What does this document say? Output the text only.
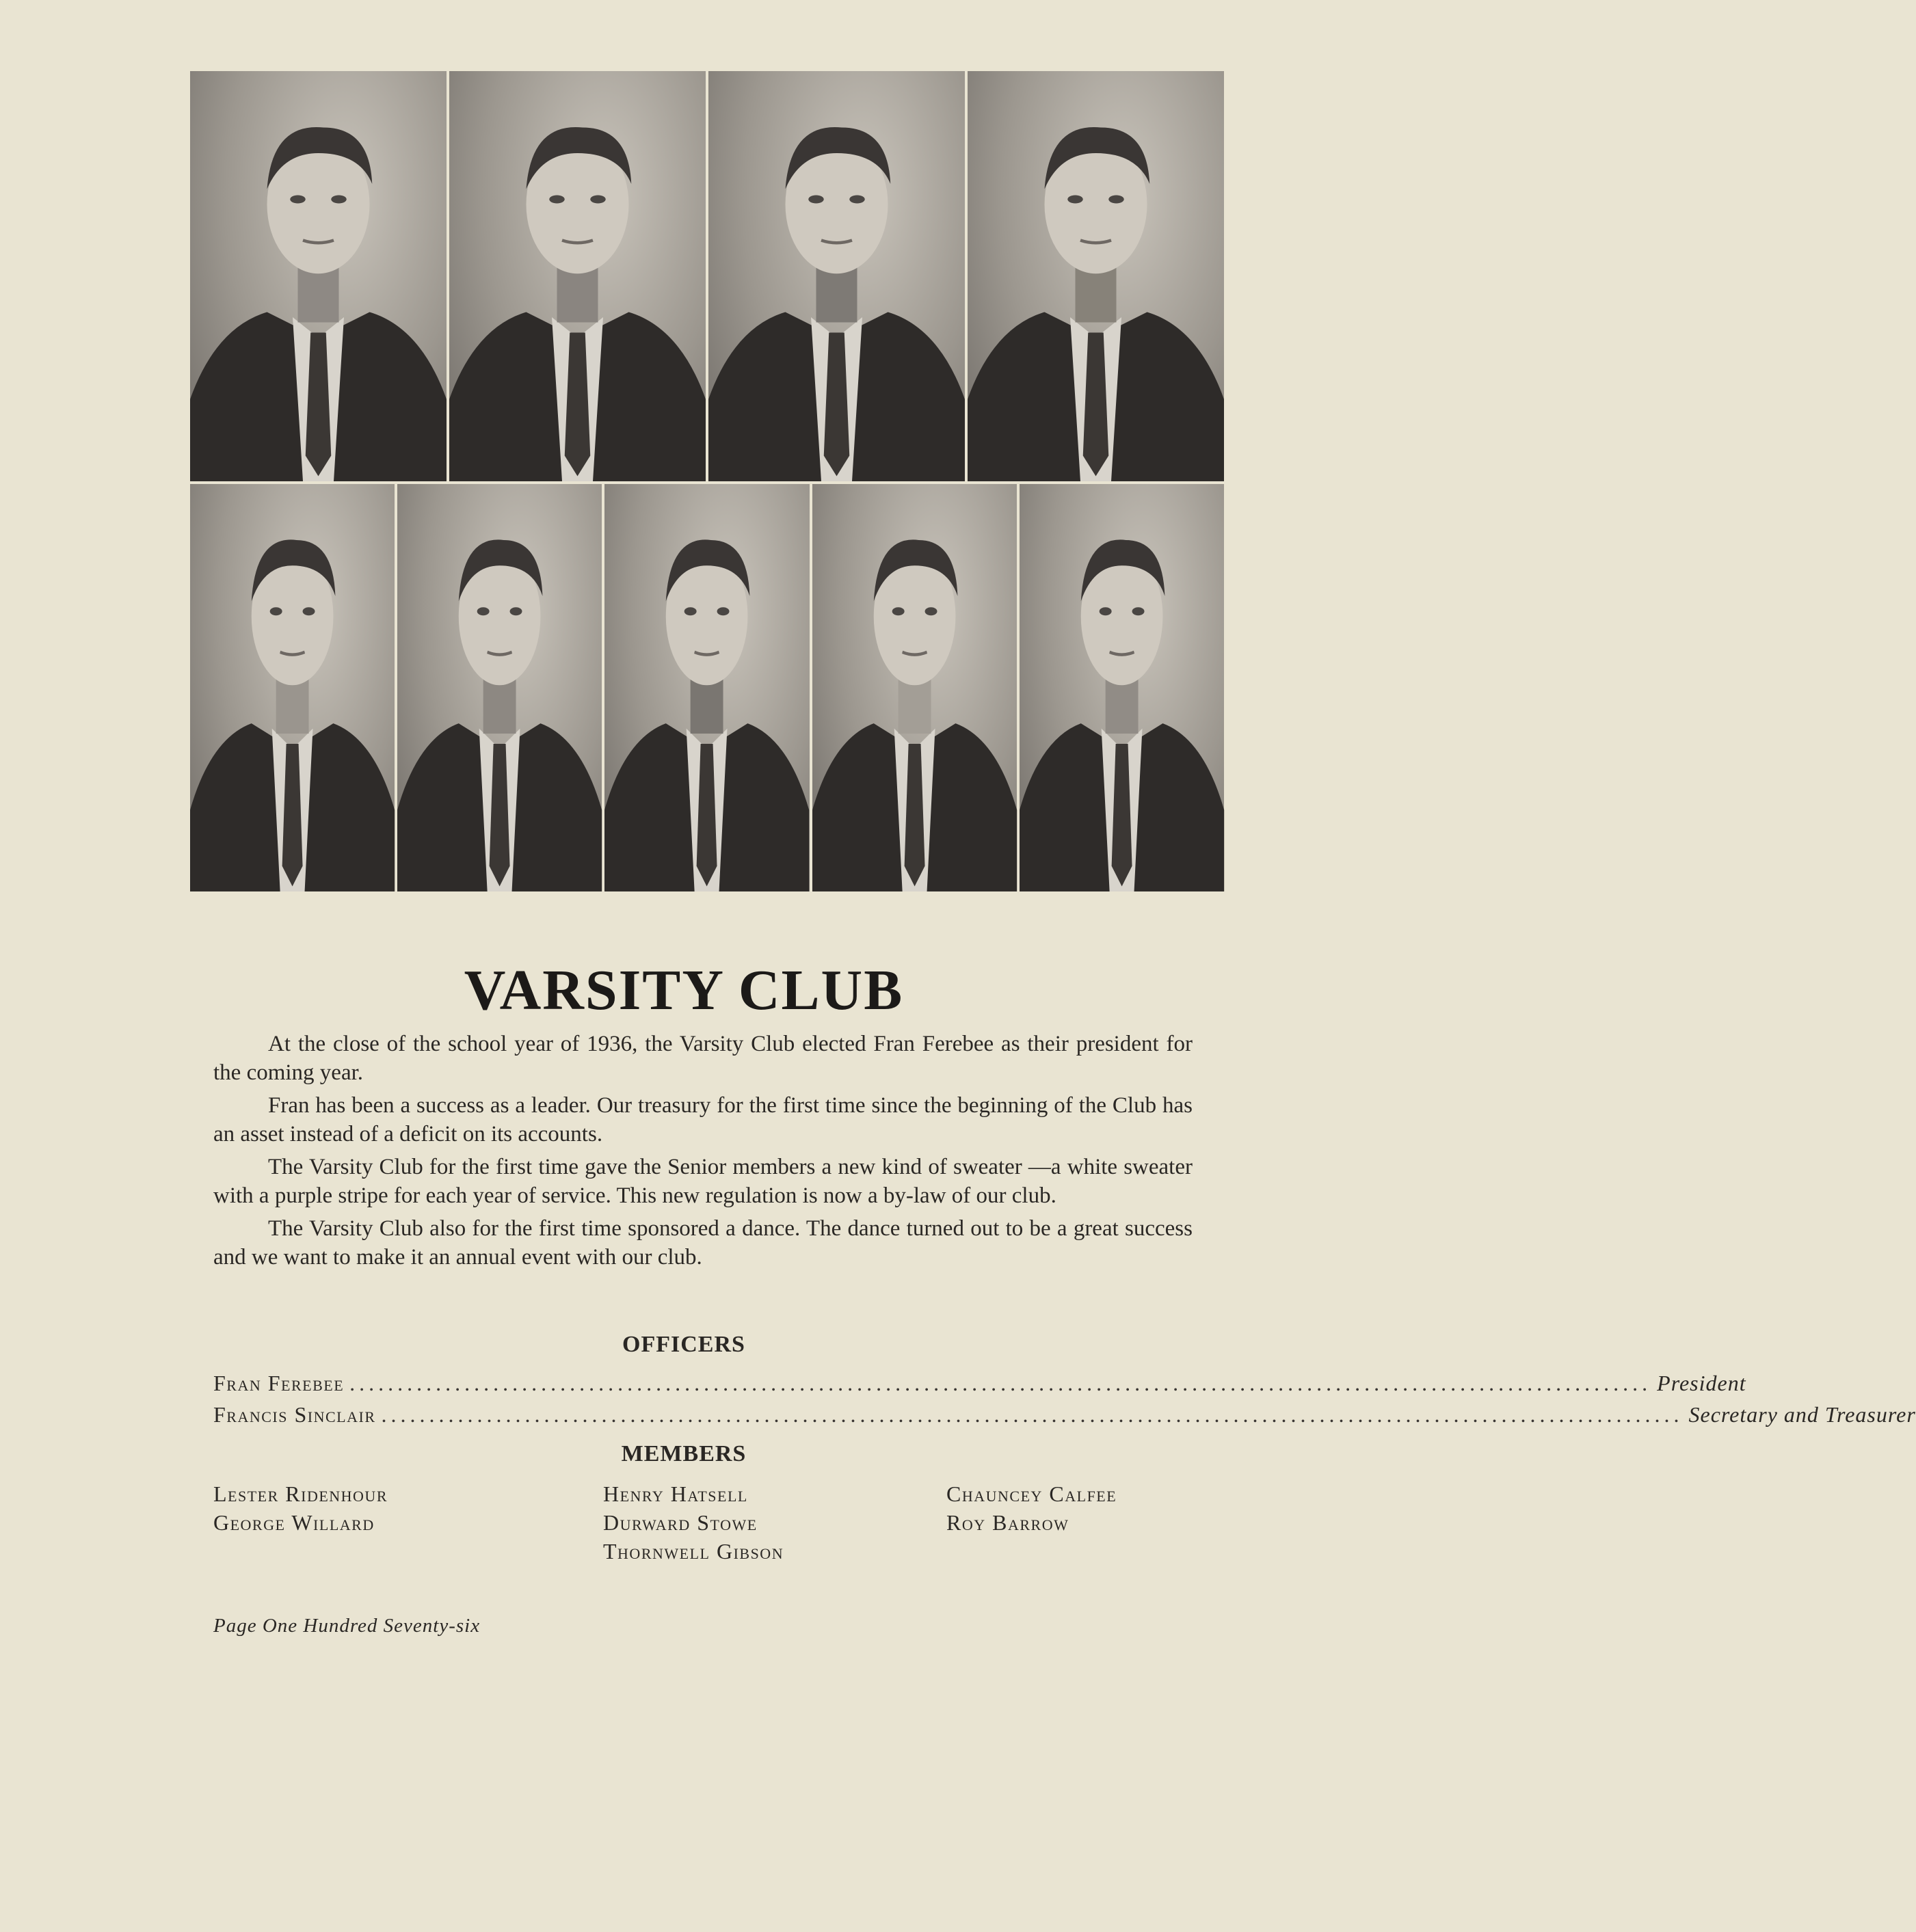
VARSITY CLUB

At the close of the school year of 1936, the Varsity Club elected Fran Ferebee as their president for the coming year.

Fran has been a success as a leader. Our treasury for the first time since the beginning of the Club has an asset instead of a deficit on its accounts.

The Varsity Club for the first time gave the Senior members a new kind of sweater —a white sweater with a purple stripe for each year of service. This new regulation is now a by-law of our club.

The Varsity Club also for the first time sponsored a dance. The dance turned out to be a great success and we want to make it an annual event with our club.

OFFICERS
Fran Ferebee ........................................................................................................................................ President
Francis Sinclair ........................................................................................................................................ Secretary and Treasurer
MEMBERS
Lester Ridenhour
George Willard
Henry Hatsell
Durward Stowe
Thornwell Gibson
Chauncey Calfee
Roy Barrow
Page One Hundred Seventy-six
